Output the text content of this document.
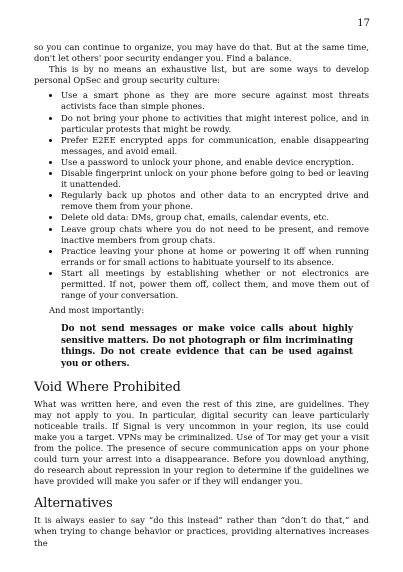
17

so you can continue to organize, you may have do that. But at the same time, don't let others' poor security endanger you. Find a balance.

This is by no means an exhaustive list, but are some ways to develop personal OpSec and group security culture:

• Use a smart phone as they are more secure against most threats activists face than simple phones.
• Do not bring your phone to activities that might interest police, and in particular protests that might be rowdy.
• Prefer E2EE encrypted apps for communication, enable disappearing messages, and avoid email.
• Use a password to unlock your phone, and enable device encryption.
• Disable fingerprint unlock on your phone before going to bed or leaving it unattended.
• Regularly back up photos and other data to an encrypted drive and remove them from your phone.
• Delete old data: DMs, group chat, emails, calendar events, etc.
• Leave group chats where you do not need to be present, and remove inactive members from group chats.
• Practice leaving your phone at home or powering it off when running errands or for small actions to habituate yourself to its absence.
• Start all meetings by establishing whether or not electronics are permitted. If not, power them off, collect them, and move them out of range of your conversation.

And most importantly:

Do not send messages or make voice calls about highly sensitive matters. Do not photograph or film incriminating things. Do not create evidence that can be used against you or others.

Void Where Prohibited

What was written here, and even the rest of this zine, are guidelines. They may not apply to you. In particular, digital security can leave particularly noticeable trails. If Signal is very uncommon in your region, its use could make you a target. VPNs may be criminalized. Use of Tor may get your a visit from the police. The presence of secure communication apps on your phone could turn your arrest into a disappearance. Before you download anything, do research about repression in your region to determine if the guidelines we have provided will make you safer or if they will endanger you.

Alternatives

It is always easier to say “do this instead” rather than “don’t do that,” and when trying to change behavior or practices, providing alternatives increases the
